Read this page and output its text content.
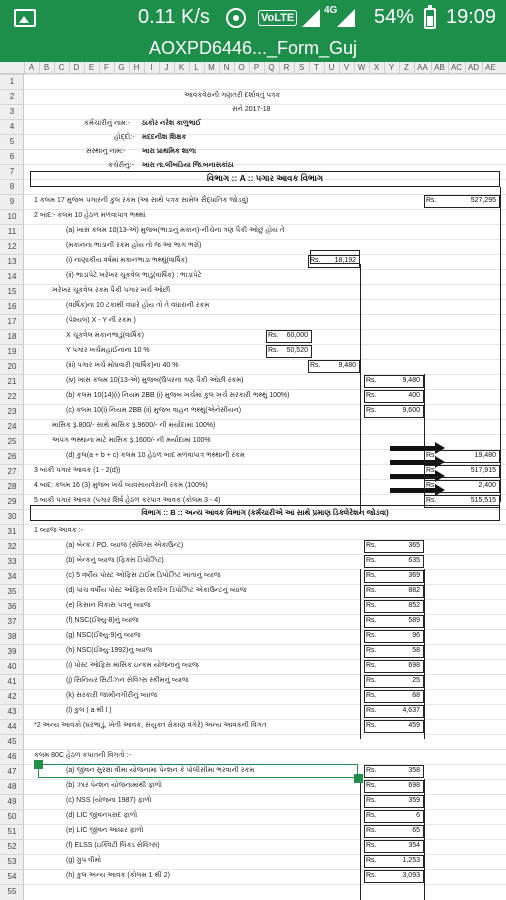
0.11 K/s	VoLTE
4G 54% 19:09
AOXPD6446..._Form_Guj
A	B	C	D	E	F	G	H	I	J	K	L	M	N	O	P	Q	R	S	T	U	V	W	X	Y	Z	AA AB AC AD AE
1
2
3
4
5
6
7
8
9
10
11
12
13
14
15
16
17
18
19
20
21
22
23
24
25
26
27
28
29
30
31
32
33
34
35
36
37
38
39
40
41
42
43
44
45
46
47
48
49
50
51
52
53
54
55
આવકવેરાની ગણતરી દર્શાવતું પત્રક
સને 2017-18
કર્મચારીનું નામ:- ઠાકોર નરેશ કાળુભાઈ
હોદ્દો:- મદદનીશ શિક્ષક
સંસ્થાનું નામ:- ખારા પ્રાથમિક શાળા
કચેરીનું:- ખારા તા.લીંબડિયા જિ.બનાસકાંઠા
વિભાગ :: A :: પગાર આવક વિભાગ
વિભાગ :: B :: અન્ય આવક વિભાગ (કર્મચારીએ આ સાથે પ્રમાણ ડિક્લેરેશન જોડવા)
1 કલમ 17 મુજબ પગારની કુલ રકમ (આ સાથે પત્રક સામેલ સૈદ્ધાંતિક જોડવું)	Rs.	527,295
2 બાદ:- કલમ 10 હેઠળ મળવાપાત્ર ભથ્થાં
(a) ખાસ કલમ 10(13-એ) મુજબ(ભાડાનું મકાન)-નીચેના ત્રણ પૈકી ઓછું હોય તે
(મકાનના ભાડાની રકમ હોય તો જ આ ભાગ ભરો)
(i) નાણાકીય વર્ષમાં મકાનભાડા ભથ્થું(વાર્ષિક)	Rs.	18,192
(ii) ભાડાપેટે ખરેખર ચૂકવેલ ભાડું(વાર્ષિક) : ભાડાપેટે
ખરેખર ચૂકવેલ રકમ પૈકી પગાર ખર્ચ ઓછી
(વાર્ષિક)ના 10 ટકાથી વધારે હોય તો તે વધારાની રકમ
(પેશ્યલ) X - Y ની રકમ )
X ચૂકવેલ મકાનભાડું(વાર્ષિક)	Rs. 60,000
Y પગાર ખર્ચમહાઈનાના 10 %	Rs. 50,520
(iii) પગાર ખર્ચ મોંઘવારી (વાર્ષિક)ના 40 %	Rs.	9,480
(iv) ખાસ કલમ 10(13-એ) મુજબ(ઉપરના ત્રણ પૈકી ઓછી રકમ)	Rs.	9,480
(b) કલમ 10(14)(i) નિયમ 2BB (i) મુજબ ખર્ચમાં કુલ ખર્ચ સરકારી ભથ્થું 100%)	Rs.	400
(c) કલમ 10(i) નિયમ 2BB (ii) મુજબ વાહન ભથ્થું(એનેસીયન)	Rs.	9,600
માસિક રૂ.800/- સાથે માસિક રૂ.9600/- ની મર્યાદામાં 100%)
અપંગ ભથ્થાંના માટે માસિક રૂ.1600/- ની મર્યાદામાં 100%
(d) કુલ(a + b + c) કલમ 10 હેઠળ બાદ મળવાપાત્ર ભથ્થાની રકમ	Rs.	19,480
3 બાકી પગાર આવક (1 - 2(d))	Rs.	517,915
4 બાદ: કલમ 16 (3) મુજબ ખર્ચ વ્યવસાયવેરાની રકમ (100%)	Rs.	2,400
5 બાકી પગાર આવક (પગાર શિર્ષ હેઠળ કરપાત્ર આવક (કોલમ 3 - 4)	Rs.	515,515
1 વ્યાજ આવક :-
(a) બેન્ક / PO. વ્યાજ (સેવિંગ્સ એકાઉન્ટ)	Rs.	365
(b) બેન્કનું વ્યાજ (ફિક્સ ડિપોઝિટ)	Rs.	635
(c) 5 વર્ષીય પોસ્ટ ઓફિસ ટાઈમ ડિપોઝિટ ખાતાનું વ્યાજ	Rs.	369
(d) પાંચ વર્ષીય પોસ્ટ ઓફિસ રિકરિંગ ડિપોઝિટ એકાઉન્ટનું વ્યાજ	Rs.	882
(e) કિસાન વિકાસ પત્રનું વ્યાજ	Rs.	852
(f) NSC(ઈશ્યુ-8)નું વ્યાજ	Rs.	589
(g) NSC(ઈશ્યુ-9)નું વ્યાજ	Rs.	96
(h) NSC(ઈશ્યુ-1992)નું વ્યાજ	Rs.	58
(i) પોસ્ટ ઓફિસ માસિક ઇન્કમ યોજનાનું વ્યાજ	Rs.	698
(j) સિનિયર સિટીઝન સેવિંગ્સ સ્કીમનું વ્યાજ	Rs.	25
(k) સરકારી જામીનગીરીનું વ્યાજ	Rs.	68
(l) કુલ ( a થી l )	Rs.	4,637
*2 અન્ય આવકો (ઘરભાડું, ખેતી આવક, સંયુક્ત રોકાણ વગેરે) અન્ય આવકની વિગત	Rs.	459
કલમ 80C હેઠળ કપાતની વિગતો :-
(a) જીવન સુરક્ષા વીમા યોજનામાં પેન્શન કે પોલીસીમાં ભરવાની રકમ	Rs.	358
(b) ઝાર પેન્શન યોજનામાંથી ફાળો	Rs.	698
(c) NSS (યોજના 1987) ફાળો	Rs.	359
(d) LIC જીવનપસંદ ફાળો	Rs.	6
(e) LIC જીવન આધાર ફાળો	Rs.	65
(f) ELSS (ઇક્વિટી લિંક્ડ સેવિંગ્સ)	Rs.	354
(g) ગ્રુપ વીમો	Rs.	1,253
(h) કુલ અન્ય આવક (કોલમ 1 થી 2)	Rs.	3,093
